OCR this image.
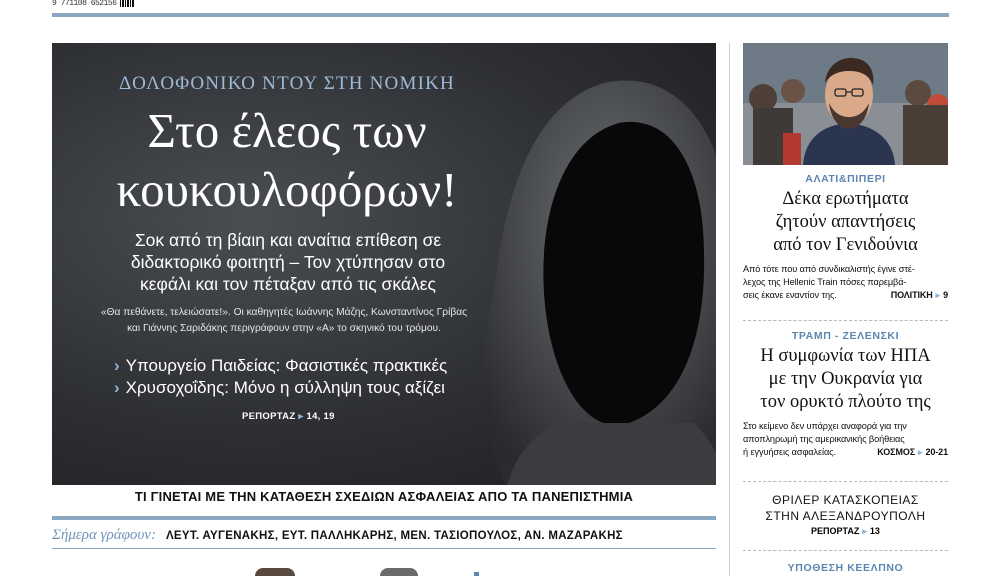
9 771108 652156
ΔΟΛΟΦΟΝΙΚΟ ΝΤΟΥ ΣΤΗ ΝΟΜΙΚΗ
Στο έλεος των
κουκουλοφόρων!
Σοκ από τη βίαιη και αναίτια επίθεση σε
διδακτορικό φοιτητή – Τον χτύπησαν στο
κεφάλι και τον πέταξαν από τις σκάλες
«Θα πεθάνετε, τελειώσατε!». Οι καθηγητές Ιωάννης Μάζης, Κωνσταντίνος Γρίβας
και Γιάννης Σαριδάκης περιγράφουν στην «Α» το σκηνικό του τρόμου.
› Υπουργείο Παιδείας: Φασιστικές πρακτικές
› Χρυσοχοΐδης: Μόνο η σύλληψη τους αξίζει
ΡΕΠΟΡΤΑΖ ▸ 14, 19
ΤΙ ΓΙΝΕΤΑΙ ΜΕ ΤΗΝ ΚΑΤΑΘΕΣΗ ΣΧΕΔΙΩΝ ΑΣΦΑΛΕΙΑΣ ΑΠΟ ΤΑ ΠΑΝΕΠΙΣΤΗΜΙΑ
Σήμερα γράφουν: ΛΕΥΤ. ΑΥΓΕΝΑΚΗΣ, ΕΥΤ. ΠΑΛΛΗΚΑΡΗΣ, ΜΕΝ. ΤΑΣΙΟΠΟΥΛΟΣ, ΑΝ. ΜΑΖΑΡΑΚΗΣ
ΑΛΑΤΙ&ΠΙΠΕΡΙ
Δέκα ερωτήματα
ζητούν απαντήσεις
από τον Γενιδούνια
Από τότε που από συνδικαλιστής έγινε στέ-
λεχος της Hellenic Train πόσες παρεμβά-
σεις έκανε εναντίον της.	ΠΟΛΙΤΙΚΗ ▸ 9
ΤΡΑΜΠ - ΖΕΛΕΝΣΚΙ
Η συμφωνία των ΗΠΑ
με την Ουκρανία για
τον ορυκτό πλούτο της
Στο κείμενο δεν υπάρχει αναφορά για την
αποπληρωμή της αμερικανικής βοήθειας
ή εγγυήσεις ασφαλείας.	ΚΟΣΜΟΣ ▸ 20-21
ΘΡΙΛΕΡ ΚΑΤΑΣΚΟΠΕΙΑΣ
ΣΤΗΝ ΑΛΕΞΑΝΔΡΟΥΠΟΛΗ
ΡΕΠΟΡΤΑΖ ▸ 13
ΥΠΟΘΕΣΗ ΚΕΕΛΠΝΟ
